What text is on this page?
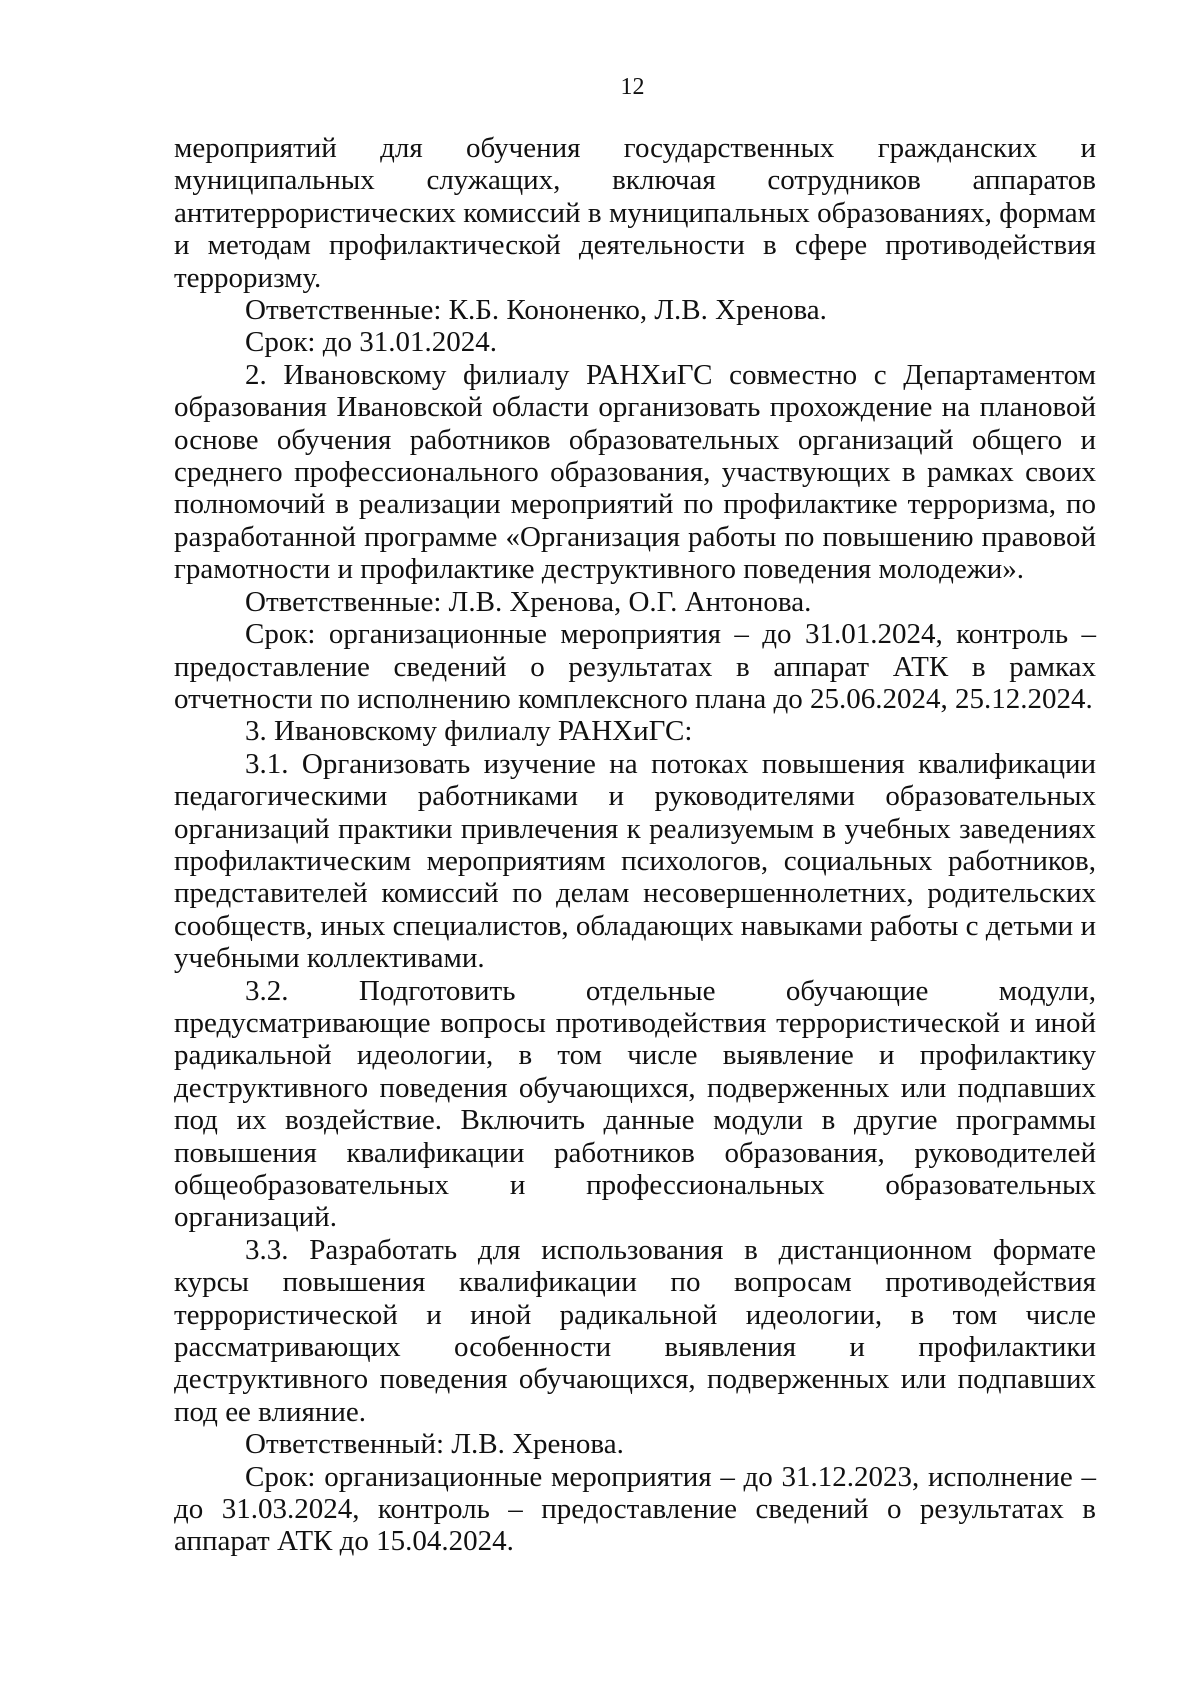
12

мероприятий для обучения государственных гражданских и муниципальных служащих, включая сотрудников аппаратов антитеррористических комиссий в муниципальных образованиях, формам и методам профилактической деятельности в сфере противодействия терроризму.

Ответственные: К.Б. Кононенко, Л.В. Хренова.

Срок: до 31.01.2024.

2. Ивановскому филиалу РАНХиГС совместно с Департаментом образования Ивановской области организовать прохождение на плановой основе обучения работников образовательных организаций общего и среднего профессионального образования, участвующих в рамках своих полномочий в реализации мероприятий по профилактике терроризма, по разработанной программе «Организация работы по повышению правовой грамотности и профилактике деструктивного поведения молодежи».

Ответственные: Л.В. Хренова, О.Г. Антонова.

Срок: организационные мероприятия – до 31.01.2024, контроль – предоставление сведений о результатах в аппарат АТК в рамках отчетности по исполнению комплексного плана до 25.06.2024, 25.12.2024.

3. Ивановскому филиалу РАНХиГС:

3.1. Организовать изучение на потоках повышения квалификации педагогическими работниками и руководителями образовательных организаций практики привлечения к реализуемым в учебных заведениях профилактическим мероприятиям психологов, социальных работников, представителей комиссий по делам несовершеннолетних, родительских сообществ, иных специалистов, обладающих навыками работы с детьми и учебными коллективами.

3.2. Подготовить отдельные обучающие модули, предусматривающие вопросы противодействия террористической и иной радикальной идеологии, в том числе выявление и профилактику деструктивного поведения обучающихся, подверженных или подпавших под их воздействие. Включить данные модули в другие программы повышения квалификации работников образования, руководителей общеобразовательных и профессиональных образовательных организаций.

3.3. Разработать для использования в дистанционном формате курсы повышения квалификации по вопросам противодействия террористической и иной радикальной идеологии, в том числе рассматривающих особенности выявления и профилактики деструктивного поведения обучающихся, подверженных или подпавших под ее влияние.

Ответственный: Л.В. Хренова.

Срок: организационные мероприятия – до 31.12.2023, исполнение – до 31.03.2024, контроль – предоставление сведений о результатах в аппарат АТК до 15.04.2024.
